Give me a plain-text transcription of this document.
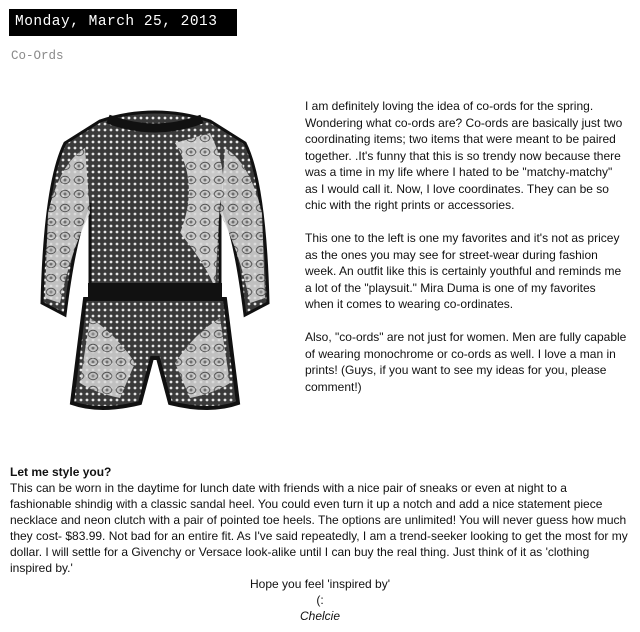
Monday, March 25, 2013
Co-Ords

I am definitely loving the idea of co-ords for the spring. Wondering what co-ords are? Co-ords are basically just two coordinating items; two items that were meant to be paired together. .It's funny that this is so trendy now because there was a time in my life where I hated to be "matchy-matchy" as I would call it. Now, I love coordinates. They can be so chic with the right prints or accessories.

This one to the left is one my favorites and it's not as pricey as the ones you may see for street-wear during fashion week. An outfit like this is certainly youthful and reminds me a lot of the "playsuit." Mira Duma is one of my favorites when it comes to wearing co-ordinates.

Also, "co-ords" are not just for women. Men are fully capable of wearing monochrome or co-ords as well. I love a man in prints! (Guys, if you want to see my ideas for you, please comment!)

Let me style you?

This can be worn in the daytime for lunch date with friends with a nice pair of sneaks or even at night to a fashionable shindig with a classic sandal heel. You could even turn it up a notch and add a nice statement piece necklace and neon clutch with a pair of pointed toe heels. The options are unlimited! You will never guess how much they cost- $83.99. Not bad for an entire fit. As I've said repeatedly, I am a trend-seeker looking to get the most for my dollar. I will settle for a Givenchy or Versace look-alike until I can buy the real thing. Just think of it as 'clothing inspired by.'

Hope you feel 'inspired by'

(:

Chelcie
